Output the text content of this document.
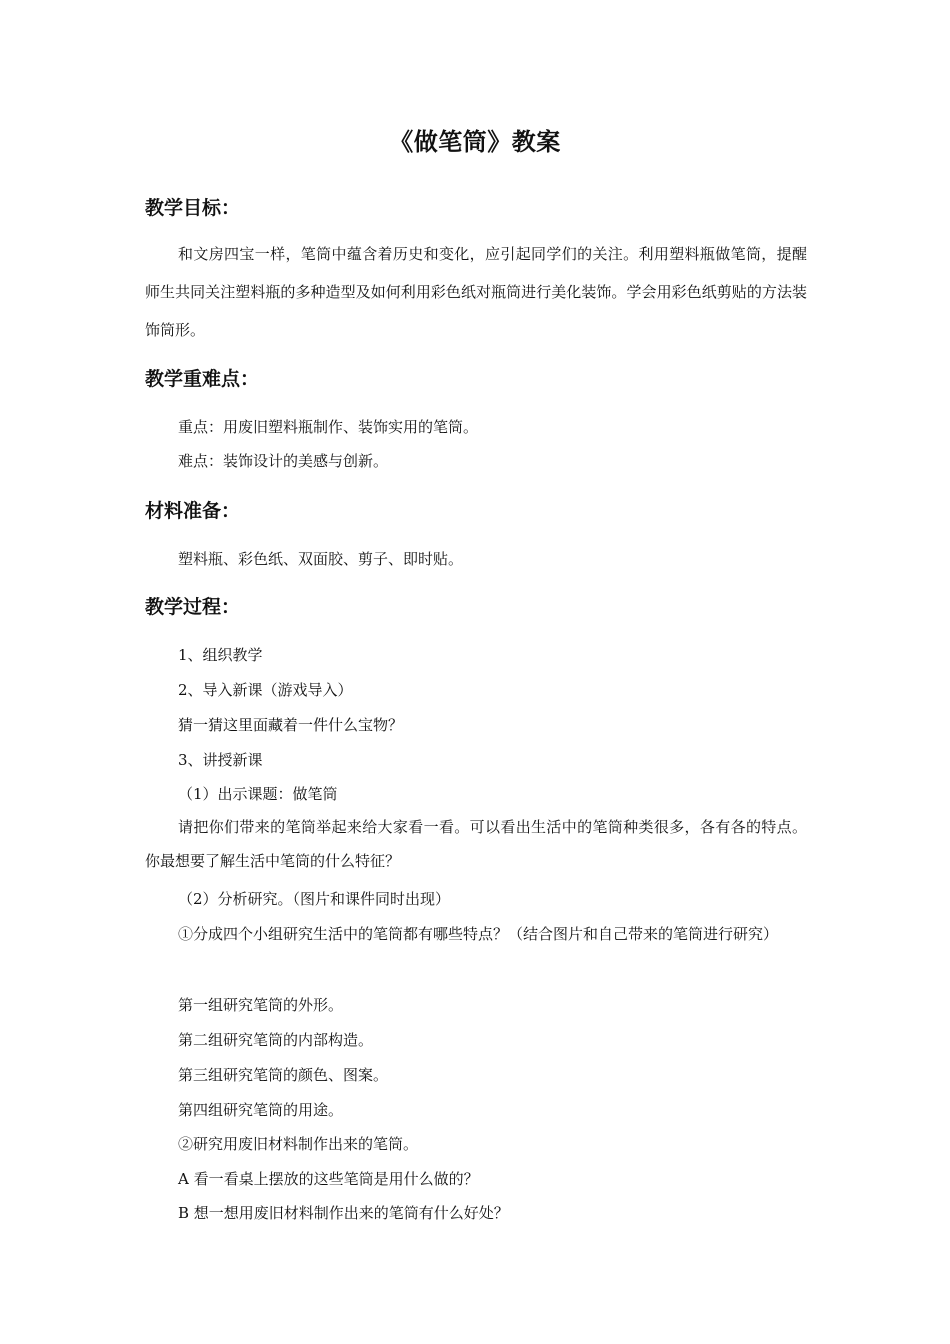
《做笔筒》教案
教学目标：
和文房四宝一样，笔筒中蕴含着历史和变化，应引起同学们的关注。利用塑料瓶做笔筒，提醒师生共同关注塑料瓶的多种造型及如何利用彩色纸对瓶筒进行美化装饰。学会用彩色纸剪贴的方法装饰筒形。
教学重难点：
重点：用废旧塑料瓶制作、装饰实用的笔筒。
难点：装饰设计的美感与创新。
材料准备：
塑料瓶、彩色纸、双面胶、剪子、即时贴。
教学过程：
1、组织教学
2、导入新课（游戏导入）
猜一猜这里面藏着一件什么宝物？
3、讲授新课
（1）出示课题：做笔筒
请把你们带来的笔筒举起来给大家看一看。可以看出生活中的笔筒种类很多，各有各的特点。你最想要了解生活中笔筒的什么特征？
（2）分析研究。（图片和课件同时出现）
①分成四个小组研究生活中的笔筒都有哪些特点？（结合图片和自己带来的笔筒进行研究）
第一组研究笔筒的外形。
第二组研究笔筒的内部构造。
第三组研究笔筒的颜色、图案。
第四组研究笔筒的用途。
②研究用废旧材料制作出来的笔筒。
A 看一看桌上摆放的这些笔筒是用什么做的？
B 想一想用废旧材料制作出来的笔筒有什么好处？
